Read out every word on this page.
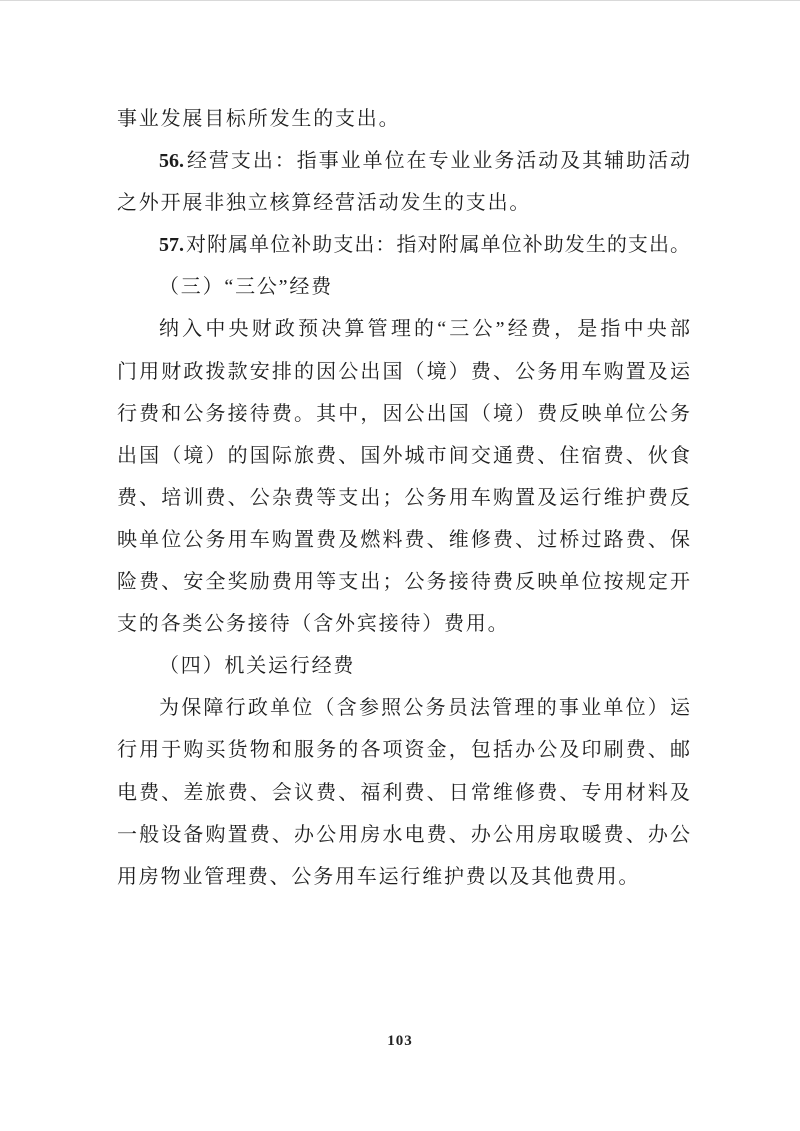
事业发展目标所发生的支出。
56.经营支出：指事业单位在专业业务活动及其辅助活动
之外开展非独立核算经营活动发生的支出。
57.对附属单位补助支出：指对附属单位补助发生的支出。
（三）“三公”经费
纳入中央财政预决算管理的“三公”经费，是指中央部
门用财政拨款安排的因公出国（境）费、公务用车购置及运
行费和公务接待费。其中，因公出国（境）费反映单位公务
出国（境）的国际旅费、国外城市间交通费、住宿费、伙食
费、培训费、公杂费等支出；公务用车购置及运行维护费反
映单位公务用车购置费及燃料费、维修费、过桥过路费、保
险费、安全奖励费用等支出；公务接待费反映单位按规定开
支的各类公务接待（含外宾接待）费用。
（四）机关运行经费
为保障行政单位（含参照公务员法管理的事业单位）运
行用于购买货物和服务的各项资金，包括办公及印刷费、邮
电费、差旅费、会议费、福利费、日常维修费、专用材料及
一般设备购置费、办公用房水电费、办公用房取暖费、办公
用房物业管理费、公务用车运行维护费以及其他费用。
103
